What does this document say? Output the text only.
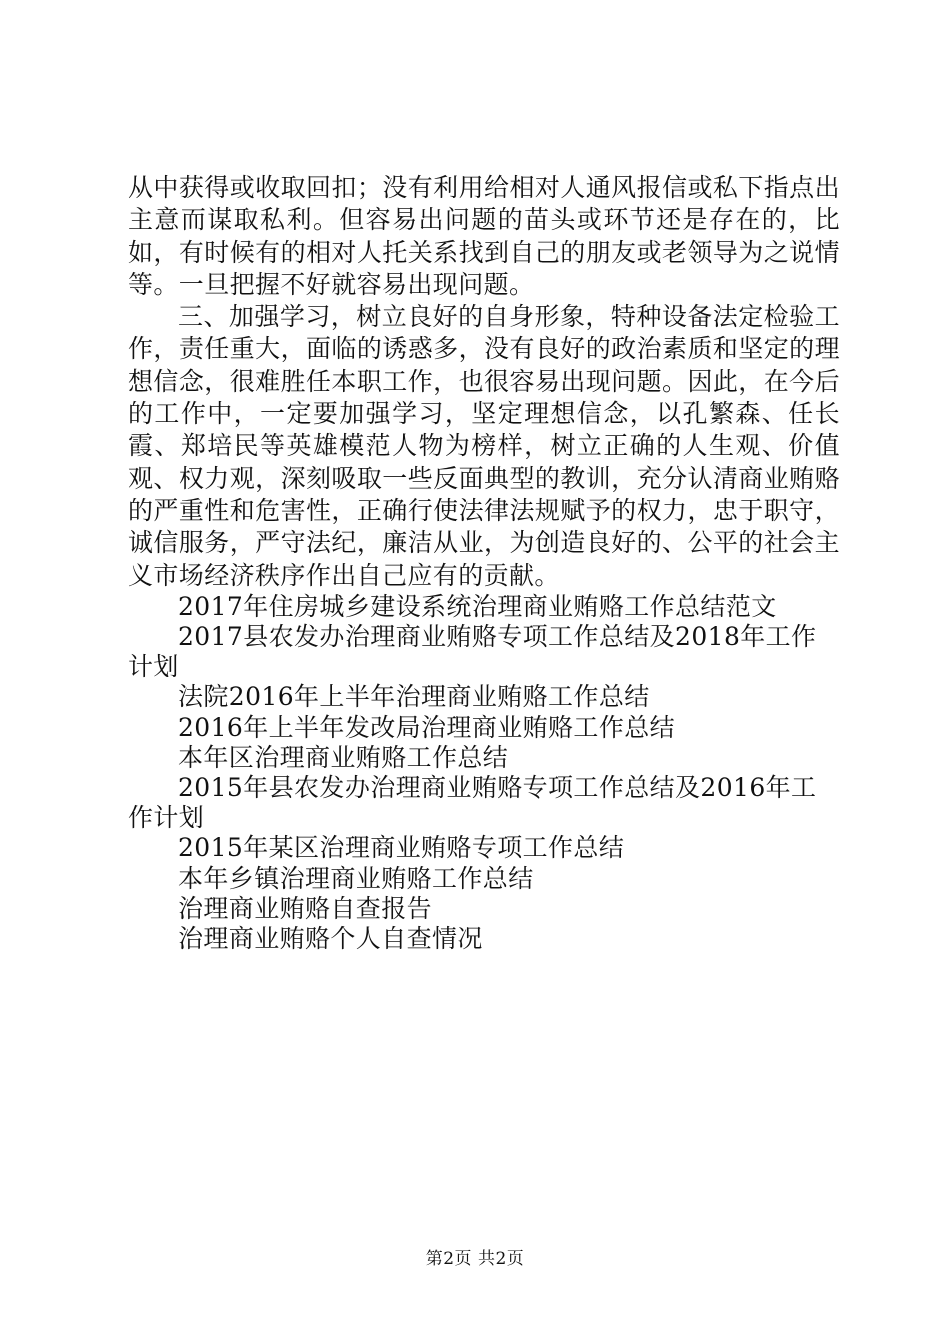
从中获得或收取回扣；没有利用给相对人通风报信或私下指点出主意而谋取私利。但容易出问题的苗头或环节还是存在的，比如，有时候有的相对人托关系找到自己的朋友或老领导为之说情等。一旦把握不好就容易出现问题。

三、加强学习，树立良好的自身形象，特种设备法定检验工作，责任重大，面临的诱惑多，没有良好的政治素质和坚定的理想信念，很难胜任本职工作，也很容易出现问题。因此，在今后的工作中，一定要加强学习，坚定理想信念，以孔繁森、任长霞、郑培民等英雄模范人物为榜样，树立正确的人生观、价值观、权力观，深刻吸取一些反面典型的教训，充分认清商业贿赂的严重性和危害性，正确行使法律法规赋予的权力，忠于职守，诚信服务，严守法纪，廉洁从业，为创造良好的、公平的社会主义市场经济秩序作出自己应有的贡献。

2017年住房城乡建设系统治理商业贿赂工作总结范文

2017县农发办治理商业贿赂专项工作总结及2018年工作计划

法院2016年上半年治理商业贿赂工作总结

2016年上半年发改局治理商业贿赂工作总结

本年区治理商业贿赂工作总结

2015年县农发办治理商业贿赂专项工作总结及2016年工作计划

2015年某区治理商业贿赂专项工作总结

本年乡镇治理商业贿赂工作总结

治理商业贿赂自查报告

治理商业贿赂个人自查情况

第2页 共2页
